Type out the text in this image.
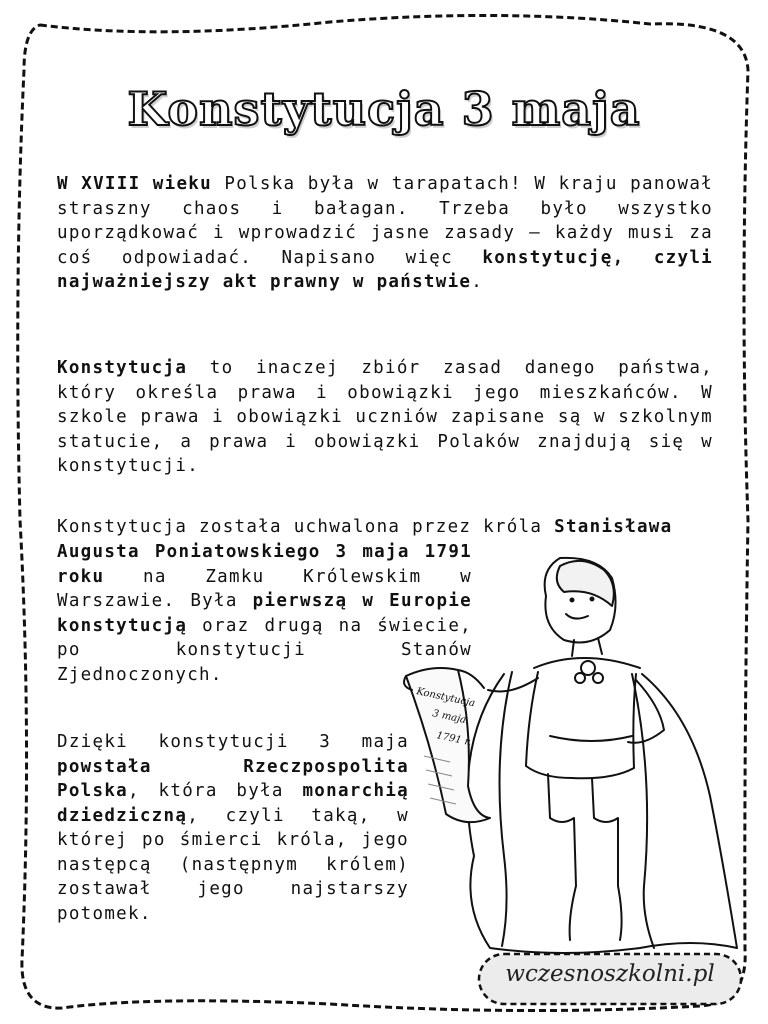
Konstytucja 3 maja

W XVIII wieku Polska była w tarapatach! W kraju panował straszny chaos i bałagan. Trzeba było wszystko uporządkować i wprowadzić jasne zasady — każdy musi za coś odpowiadać. Napisano więc konstytucję, czyli najważniejszy akt prawny w państwie.

Konstytucja to inaczej zbiór zasad danego państwa, który określa prawa i obowiązki jego mieszkańców. W szkole prawa i obowiązki uczniów zapisane są w szkolnym statucie, a prawa i obowiązki Polaków znajdują się w konstytucji.

Konstytucja została uchwalona przez króla Stanisława

Augusta Poniatowskiego 3 maja 1791 roku na Zamku Królewskim w Warszawie. Była pierwszą w Europie konstytucją oraz drugą na świecie, po konstytucji Stanów Zjednoczonych.

Dzięki konstytucji 3 maja powstała Rzeczpospolita Polska, która była monarchią dziedziczną, czyli taką, w której po śmierci króla, jego następcą (następnym królem) zostawał jego najstarszy potomek.

Konstytucja
3 maja
1791 r.
wczesnoszkolni.pl
